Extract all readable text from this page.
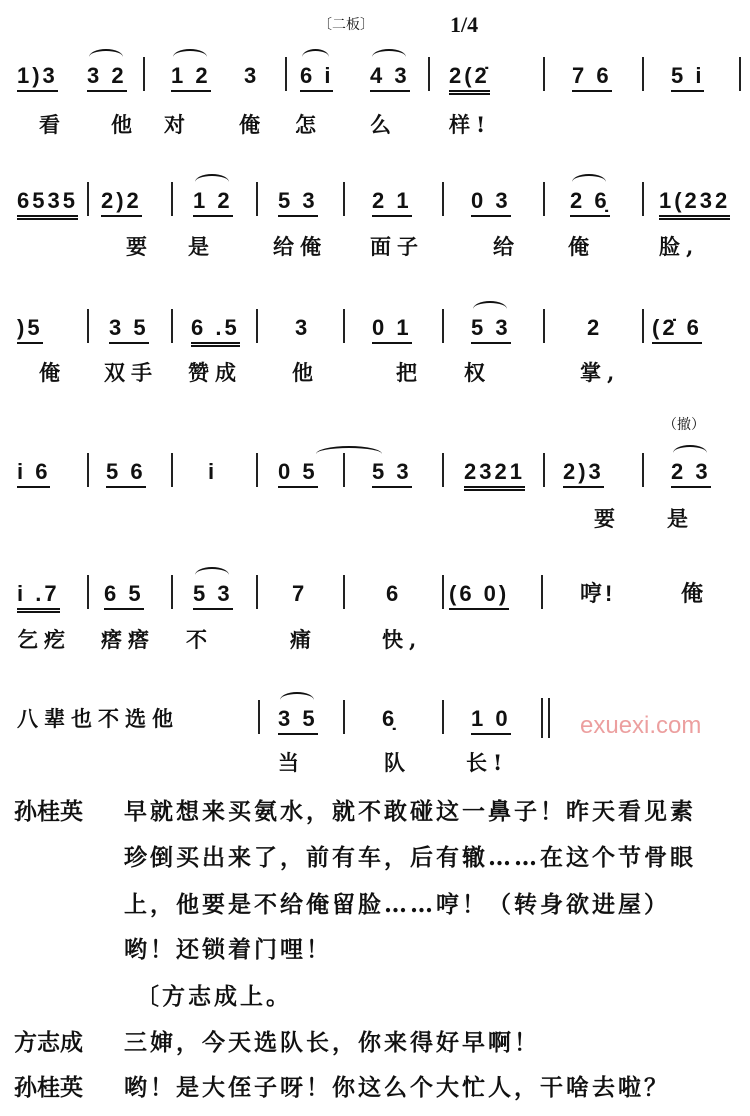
〔二板〕	1/4
1)3 3 2 1 2 3 6 i 4 3 2(2̇	7 6	5 i
看 他 对 俺 怎 么 样!
6535 2)2 1 2 5 3 2 1	0 3	2 6̣ 1(232
要 是	给俺 面子	给 俺	脸,
)5	3 5 6 .5	3	0 1	5 3	2 (2̇ 6
俺 双手 赞成 他	把 权	掌,
（撤）
i 6	5 6	i	0 5 5 3 2321 2)3	2 3
要 是
i .7 6 5 5 3	7	6 (6 0)	哼!	俺
乞疙 瘩瘩 不	痛	快,
八辈也不选他	3 5	6̣	1 0
当	队	长!
孙桂英 早就想来买氨水，就不敢碰这一鼻子！昨天看见素
珍倒买出来了，前有车，后有辙……在这个节骨眼
上，他要是不给俺留脸……哼！（转身欲进屋）
哟！还锁着门哩！
〔方志成上。
方志成 三婶，今天选队长，你来得好早啊！
孙桂英 哟！是大侄子呀！你这么个大忙人，干啥去啦？
exuexi.com
